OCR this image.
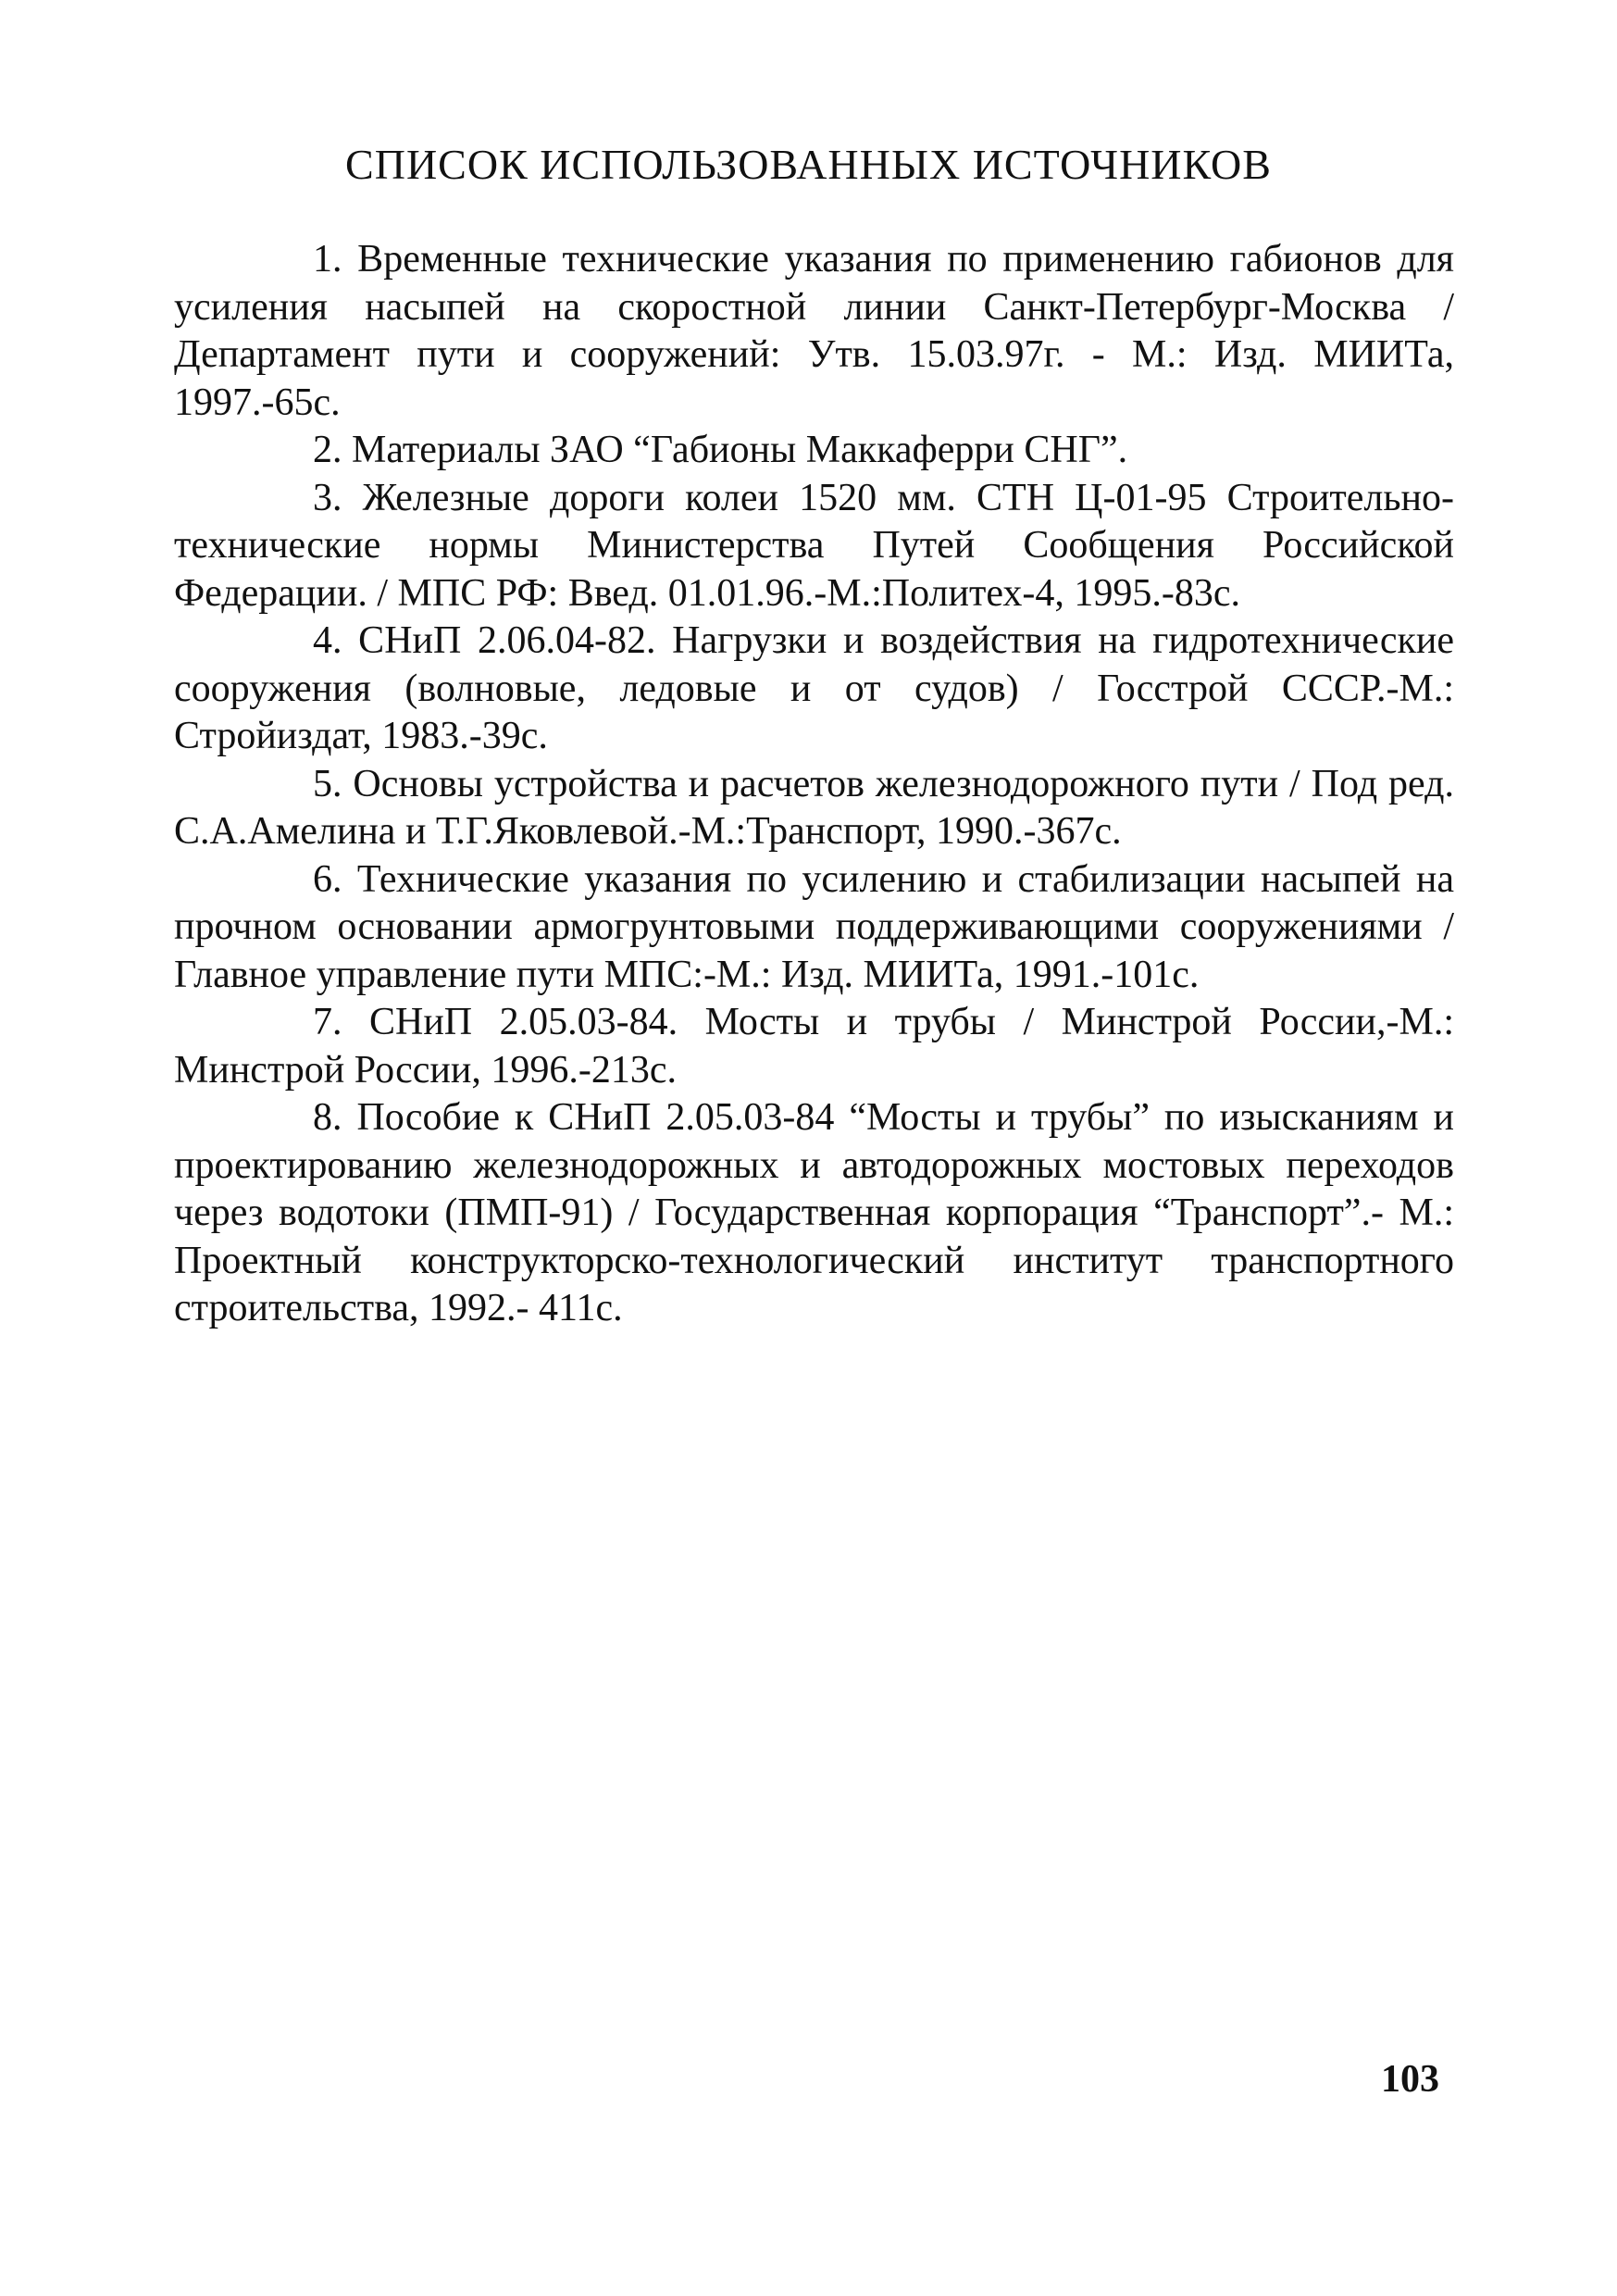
СПИСОК ИСПОЛЬЗОВАННЫХ ИСТОЧНИКОВ

1. Временные технические указания по применению габионов для усиления насыпей на скоростной линии Санкт-Петербург-Москва / Департамент пути и сооружений: Утв. 15.03.97г. - М.: Изд. МИИТа, 1997.-65с.

2. Материалы ЗАО “Габионы Маккаферри СНГ”.

3. Железные дороги колеи 1520 мм. СТН Ц-01-95 Строительно-технические нормы Министерства Путей Сообщения Российской Федерации. / МПС РФ: Введ. 01.01.96.-М.:Политех-4, 1995.-83с.

4. СНиП 2.06.04-82. Нагрузки и воздействия на гидротехнические сооружения (волновые, ледовые и от судов) / Госстрой СССР.-М.: Стройиздат, 1983.-39с.

5. Основы устройства и расчетов железнодорожного пути / Под ред. С.А.Амелина и Т.Г.Яковлевой.-М.:Транспорт, 1990.-367с.

6. Технические указания по усилению и стабилизации насыпей на прочном основании армогрунтовыми поддерживающими сооружениями / Главное управление пути МПС:-М.: Изд. МИИТа, 1991.-101с.

7. СНиП 2.05.03-84. Мосты и трубы / Минстрой России,-М.: Минстрой России, 1996.-213с.

8. Пособие к СНиП 2.05.03-84 “Мосты и трубы” по изысканиям и проектированию железнодорожных и автодорожных мостовых переходов через водотоки (ПМП-91) / Государственная корпорация “Транспорт”.- М.: Проектный конструкторско-технологический институт транспортного строительства, 1992.- 411с.

103
